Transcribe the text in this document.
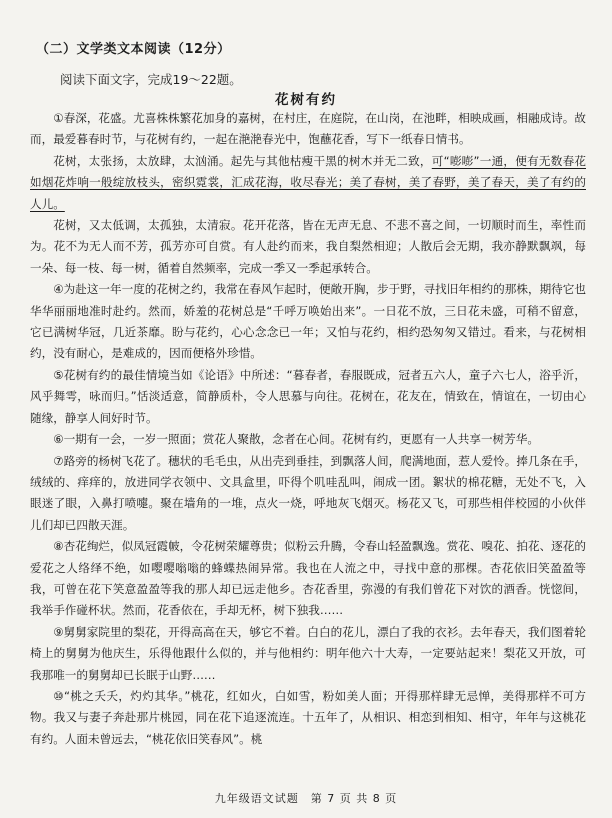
（二）文学类文本阅读（12分）
阅读下面文字，完成19～22题。
花树有约

①春深，花盛。尤喜株株繁花加身的嘉树，在村庄，在庭院，在山岗，在池畔，相映成画，相融成诗。故而，最爱暮春时节，与花树有约，一起在滟滟春光中，饱蘸花香，写下一纸春日情书。

花树，太张扬，太放肆，太汹涌。起先与其他枯瘦干黑的树木并无二致，可“嘭嘭”一通，便有无数春花如烟花炸响一般绽放枝头，密织霓裳，汇成花海，收尽春光；美了春树，美了春野，美了春天，美了有约的人儿。

花树，又太低调，太孤独，太清寂。花开花落，皆在无声无息、不悲不喜之间，一切顺时而生，率性而为。花不为无人而不芳，孤芳亦可自赏。有人赴约而来，我自梨然相迎；人散后会无期，我亦静默飘飒，每一朵、每一枝、每一树，循着自然频率，完成一季又一季起承转合。

④为赴这一年一度的花树之约，我常在春风乍起时，便敞开胸，步于野，寻找旧年相约的那株，期待它也华华丽丽地准时赴约。然而，娇羞的花树总是“千呼万唤始出来”。一日花不放，三日花未盛，可稍不留意，它已满树华冠，几近茶靡。盼与花约，心心念念已一年；又怕与花约，相约恐匆匆又错过。看来，与花树相约，没有耐心，是难成的，因而便格外珍惜。

⑤花树有约的最佳情境当如《论语》中所述：“暮春者，春服既成，冠者五六人，童子六七人，浴乎沂，风乎舞雩，咏而归。”恬淡适意，简静质朴，令人思慕与向往。花树在，花友在，情致在，情谊在，一切由心随缘，静享人间好时节。

⑥一期有一会，一岁一照面；赏花人聚散，念者在心间。花树有约，更愿有一人共享一树芳华。

⑦路旁的杨树飞花了。穗状的毛毛虫，从出壳到垂挂，到飘落人间，爬满地面，惹人爱怜。捧几条在手，绒绒的、痒痒的，放进同学衣领中、文具盒里，吓得个叽哇乱叫，闹成一团。絮状的棉花糖，无处不飞，入眼迷了眼，入鼻打喷嚏。聚在墙角的一堆，点火一烧，呼地灰飞烟灭。杨花又飞，可那些相伴校园的小伙伴儿们却已四散天涯。

⑧杏花绚烂，似凤冠霞帔，令花树荣耀尊贵；似粉云升腾，令春山轻盈飘逸。赏花、嗅花、拍花、逐花的爱花之人络绎不绝，如嘤嘤嗡嗡的蜂蝶热闹异常。我也在人流之中，寻找中意的那棵。杏花依旧笑盈盈等我，可曾在花下笑意盈盈等我的那人却已远走他乡。杏花香里，弥漫的有我们曾花下对饮的酒香。恍惚间，我举手作碰杯状。然而，花香依在，手却无杯，树下独我……

⑨舅舅家院里的梨花，开得高高在天，够它不着。白白的花儿，漂白了我的衣衫。去年春天，我们图着轮椅上的舅舅为他庆生，乐得他跟什么似的，并与他相约：明年他六十大寿，一定要站起来！梨花又开放，可我那唯一的舅舅却已长眠于山野……

⑩“桃之夭夭，灼灼其华。”桃花，红如火，白如雪，粉如美人面；开得那样肆无忌惮，美得那样不可方物。我又与妻子奔赴那片桃园，同在花下追逐流连。十五年了，从相识、相恋到相知、相守，年年与这桃花有约。人面未曾远去，“桃花依旧笑春风”。桃

九年级语文试题　第 7 页 共 8 页
